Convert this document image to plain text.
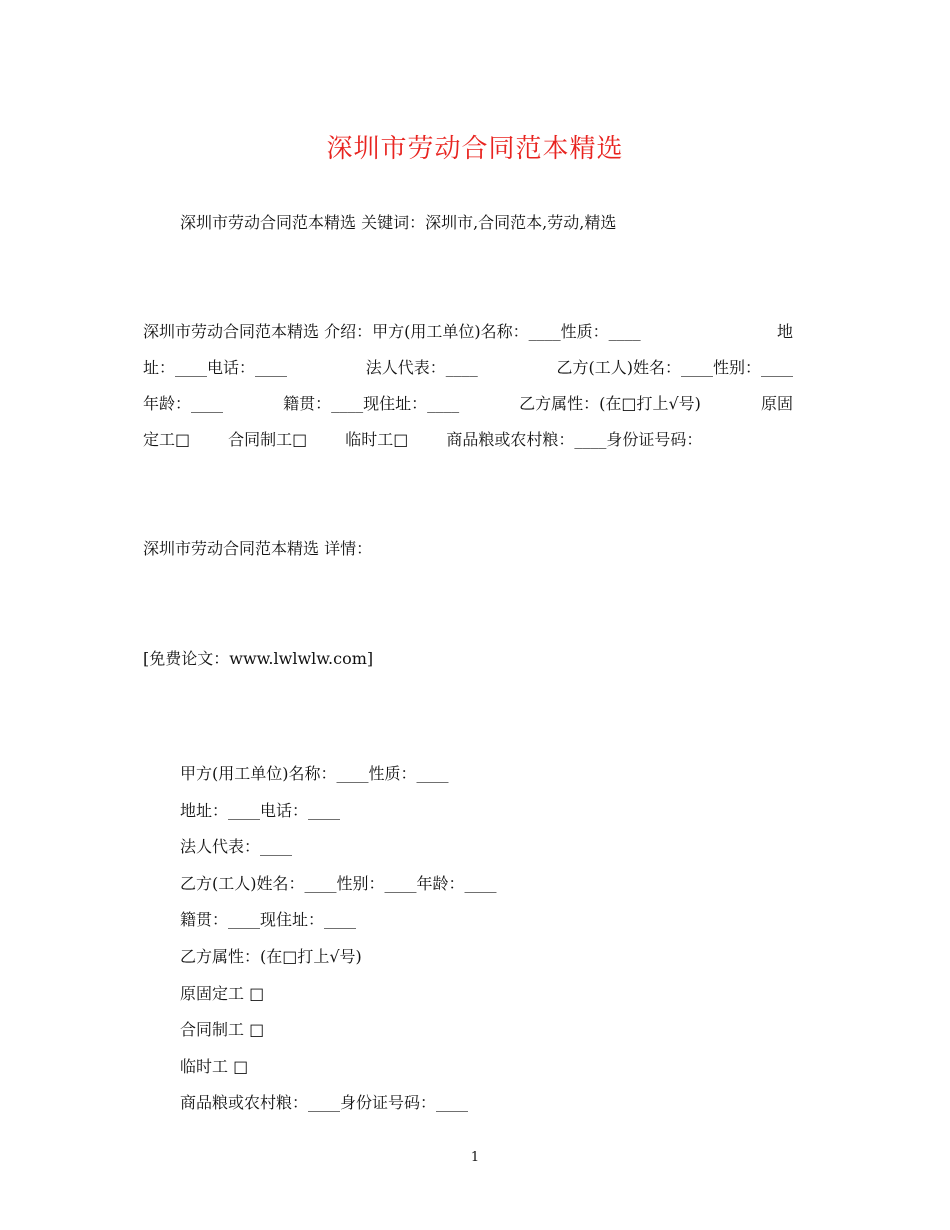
深圳市劳动合同范本精选
深圳市劳动合同范本精选 关键词：深圳市,合同范本,劳动,精选
深圳市劳动合同范本精选 介绍：甲方(用工单位)名称：____性质：____	地
址：____电话：____	法人代表：____	乙方(工人)姓名：____性别：____
年龄：____	籍贯：____现住址：____	乙方属性：(在□打上√号)	原固
定工□ 合同制工□ 临时工□ 商品粮或农村粮：____身份证号码：
深圳市劳动合同范本精选 详情：
[免费论文：www.lwlwlw.com]
甲方(用工单位)名称：____性质：____
地址：____电话：____
法人代表：____
乙方(工人)姓名：____性别：____年龄：____
籍贯：____现住址：____
乙方属性：(在□打上√号)
原固定工 □
合同制工 □
临时工 □
商品粮或农村粮：____身份证号码：____
1
